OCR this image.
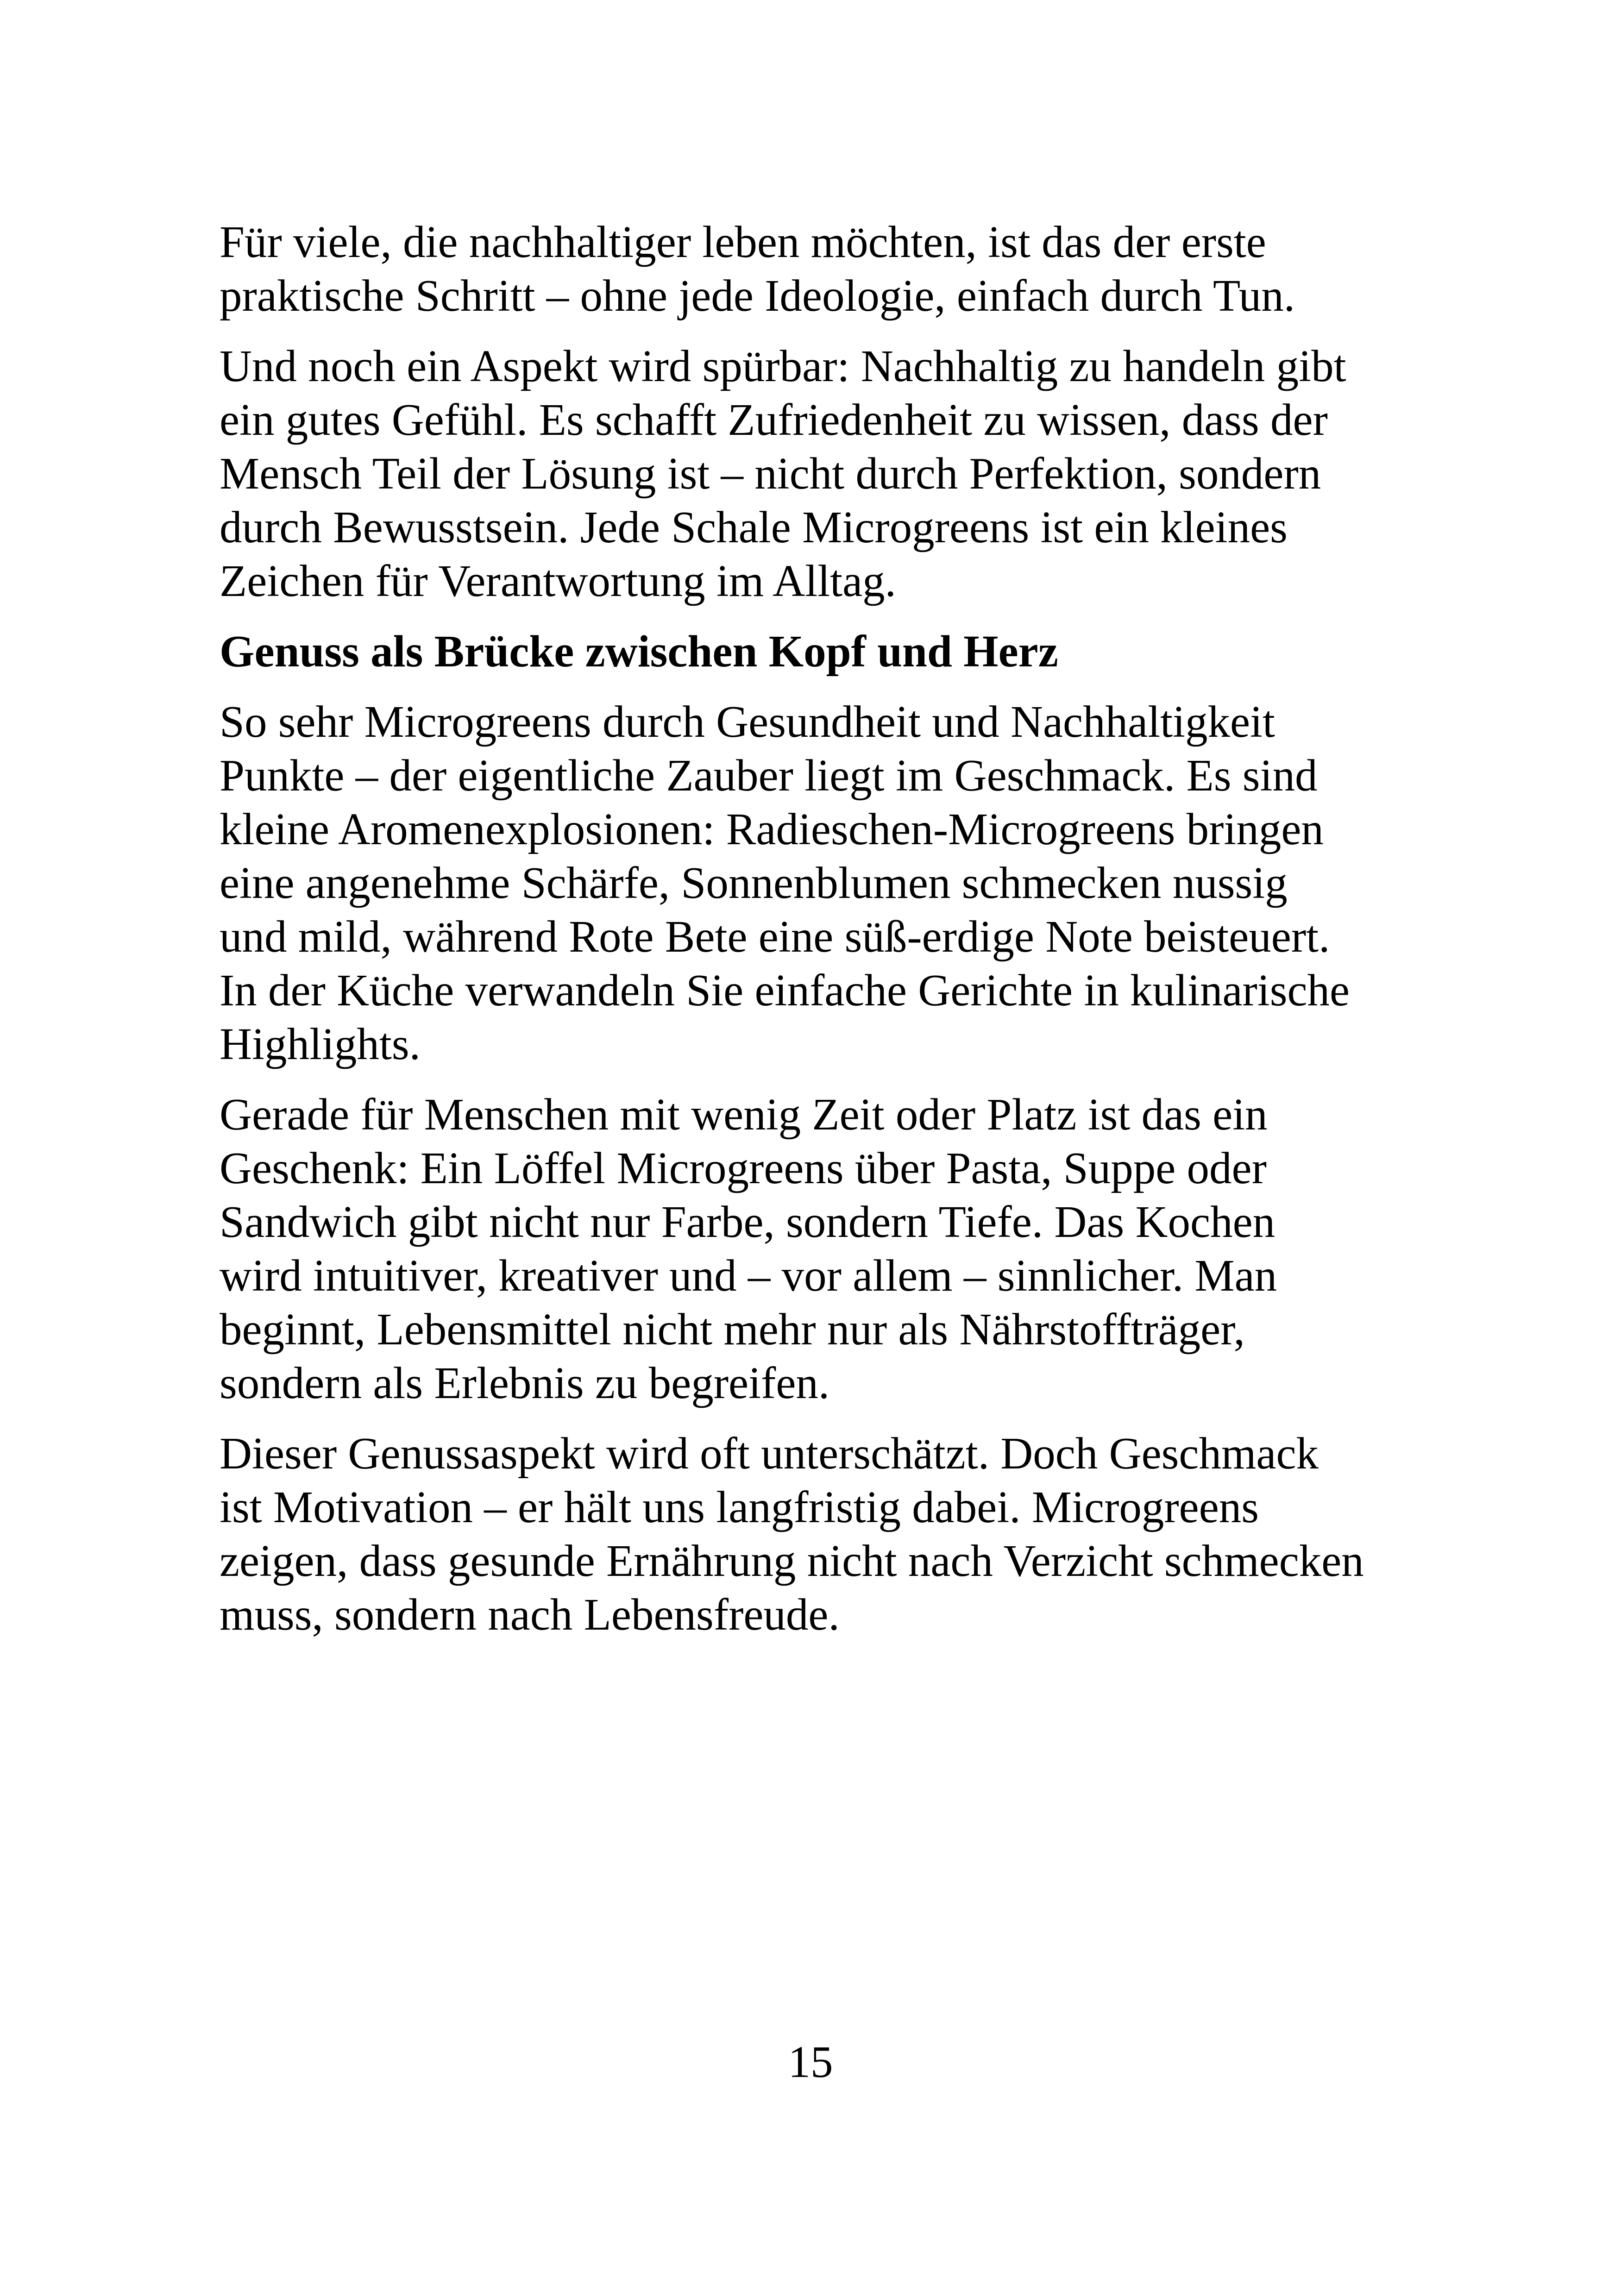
Für viele, die nachhaltiger leben möchten, ist das der erste
praktische Schritt – ohne jede Ideologie, einfach durch Tun.

Und noch ein Aspekt wird spürbar: Nachhaltig zu handeln gibt
ein gutes Gefühl. Es schafft Zufriedenheit zu wissen, dass der
Mensch Teil der Lösung ist – nicht durch Perfektion, sondern
durch Bewusstsein. Jede Schale Microgreens ist ein kleines
Zeichen für Verantwortung im Alltag.

Genuss als Brücke zwischen Kopf und Herz

So sehr Microgreens durch Gesundheit und Nachhaltigkeit
Punkte – der eigentliche Zauber liegt im Geschmack. Es sind
kleine Aromenexplosionen: Radieschen-Microgreens bringen
eine angenehme Schärfe, Sonnenblumen schmecken nussig
und mild, während Rote Bete eine süß-erdige Note beisteuert.
In der Küche verwandeln Sie einfache Gerichte in kulinarische
Highlights.

Gerade für Menschen mit wenig Zeit oder Platz ist das ein
Geschenk: Ein Löffel Microgreens über Pasta, Suppe oder
Sandwich gibt nicht nur Farbe, sondern Tiefe. Das Kochen
wird intuitiver, kreativer und – vor allem – sinnlicher. Man
beginnt, Lebensmittel nicht mehr nur als Nährstoffträger,
sondern als Erlebnis zu begreifen.

Dieser Genussaspekt wird oft unterschätzt. Doch Geschmack
ist Motivation – er hält uns langfristig dabei. Microgreens
zeigen, dass gesunde Ernährung nicht nach Verzicht schmecken
muss, sondern nach Lebensfreude.

15
